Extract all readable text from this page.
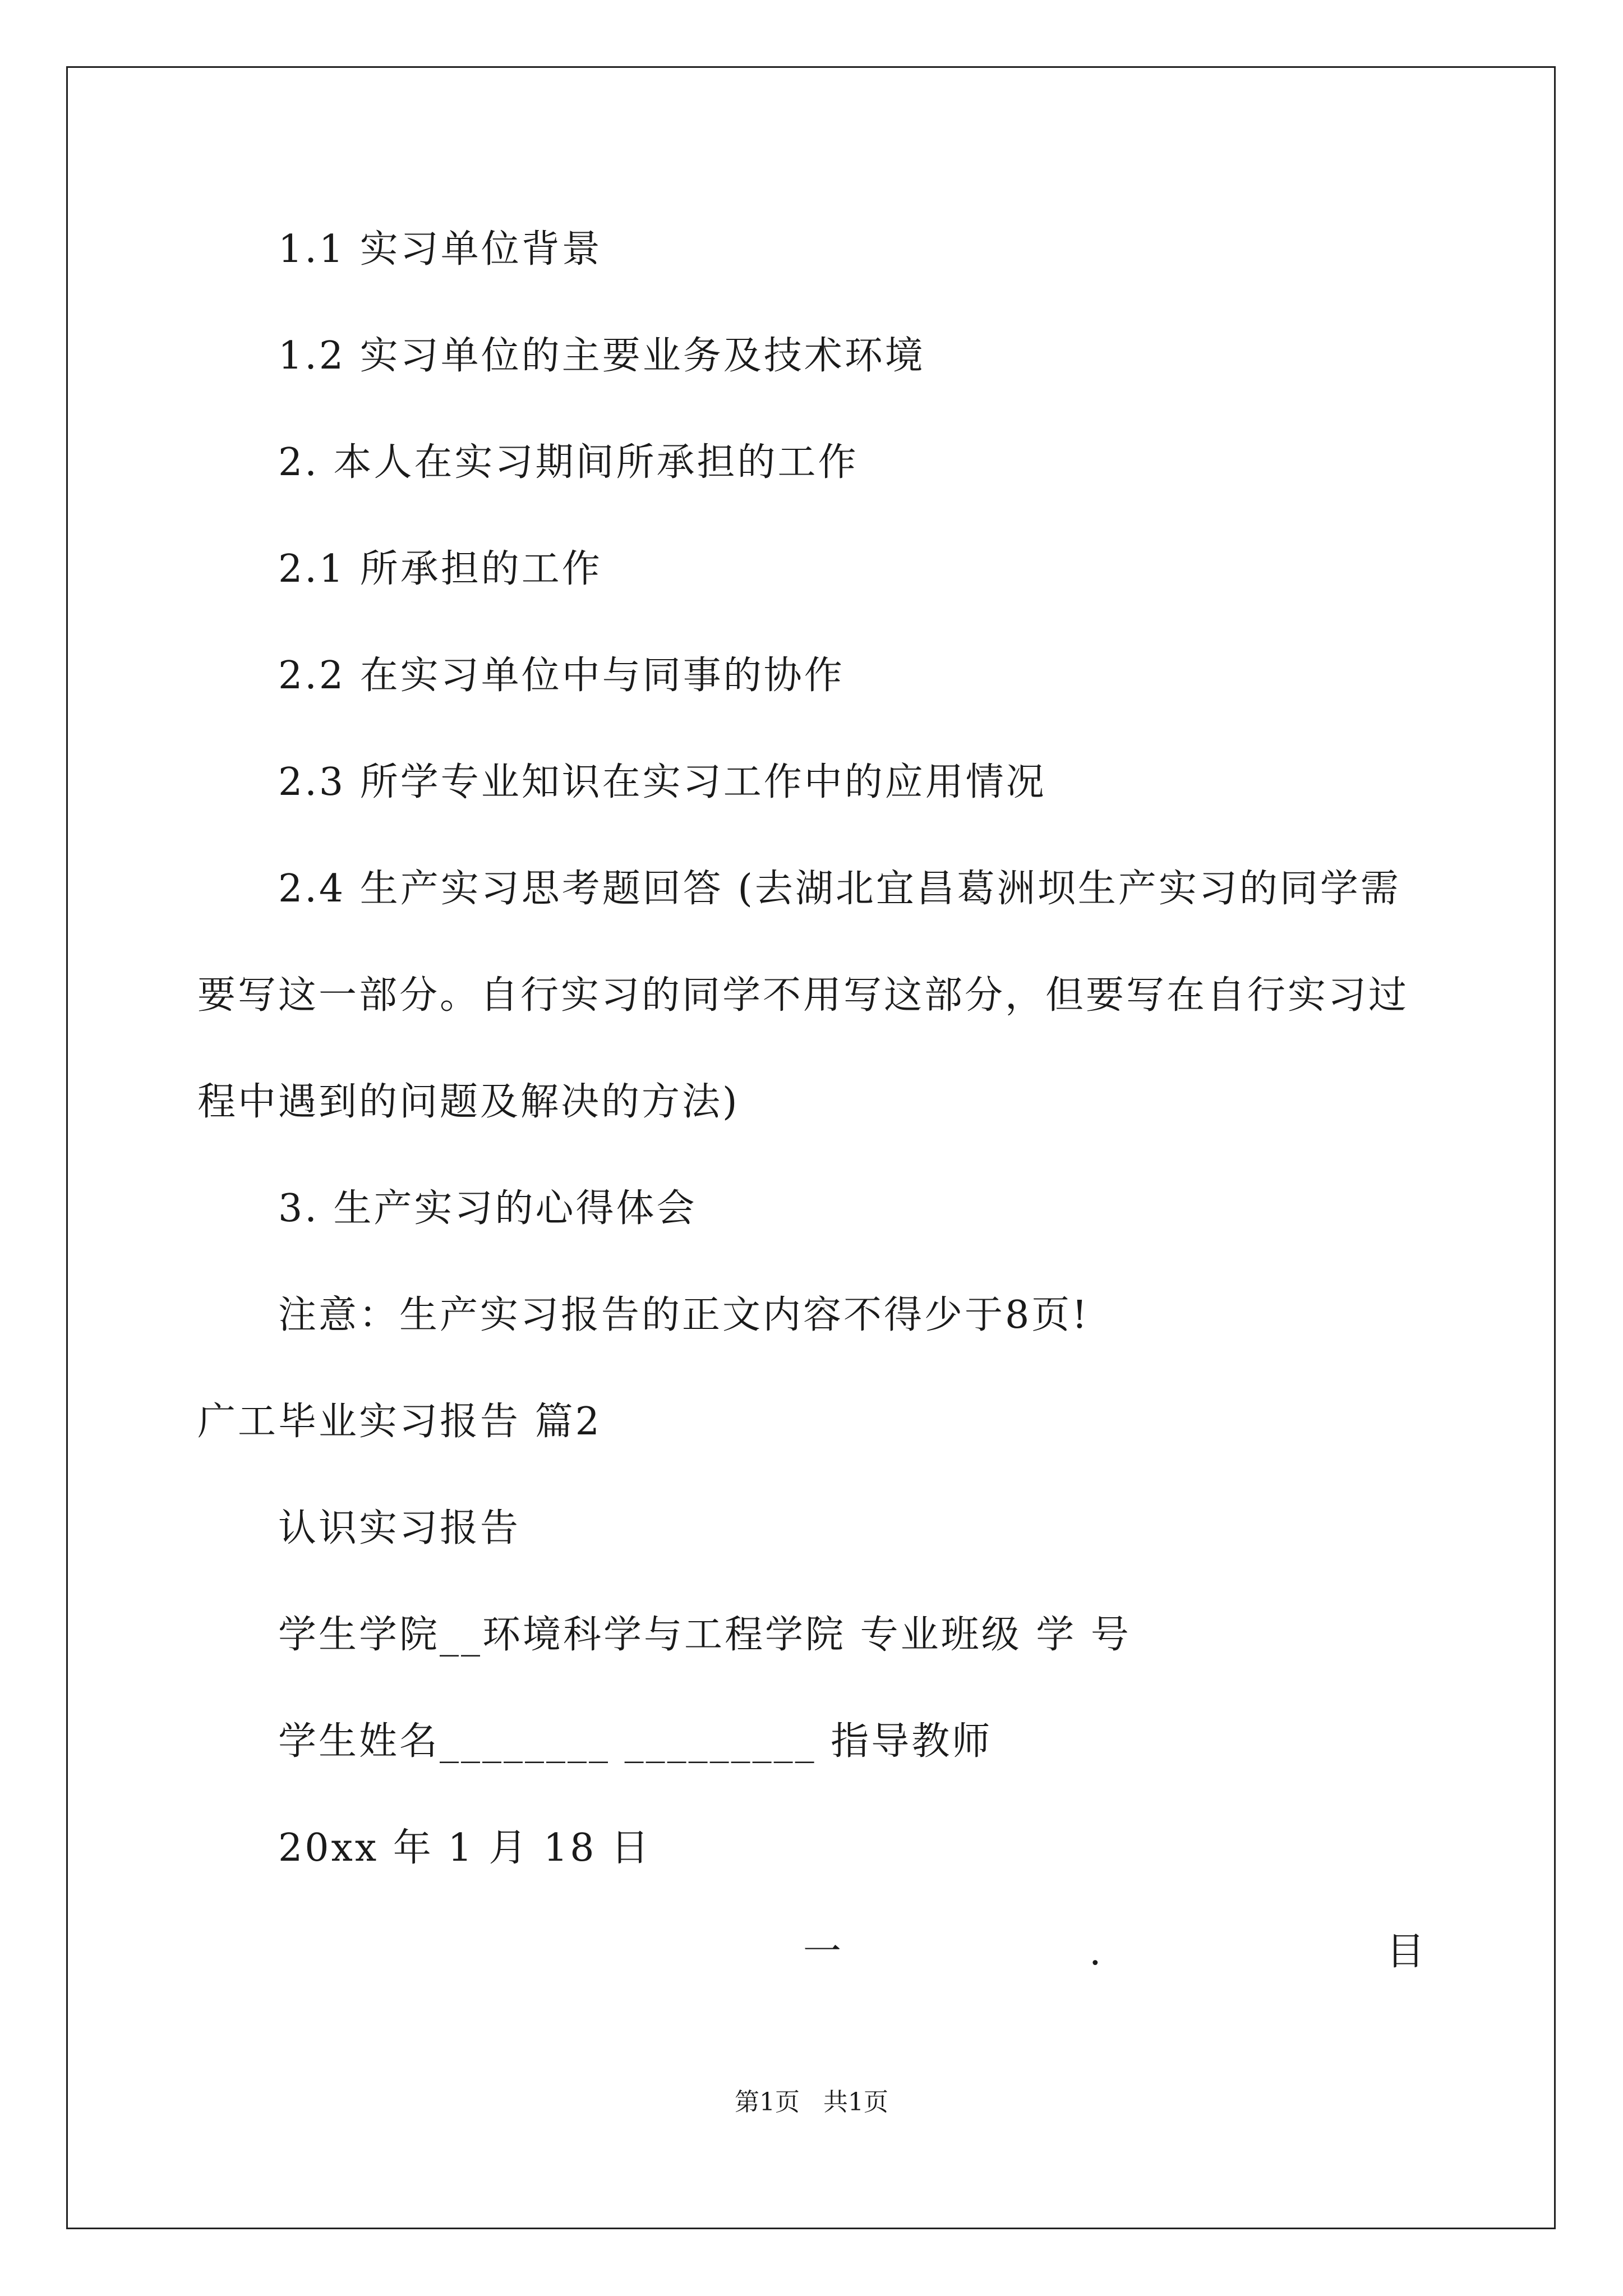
1.1 实习单位背景
1.2 实习单位的主要业务及技术环境
2. 本人在实习期间所承担的工作
2.1 所承担的工作
2.2 在实习单位中与同事的协作
2.3 所学专业知识在实习工作中的应用情况
2.4 生产实习思考题回答 (去湖北宜昌葛洲坝生产实习的同学需
要写这一部分。自行实习的同学不用写这部分，但要写在自行实习过
程中遇到的问题及解决的方法)
3. 生产实习的心得体会
注意：生产实习报告的正文内容不得少于8页!
广工毕业实习报告 篇2
认识实习报告
学生学院__环境科学与工程学院 专业班级 学 号
学生姓名________ _________ 指导教师
20xx 年 1 月 18 日
一	.	目
第1页   共1页
